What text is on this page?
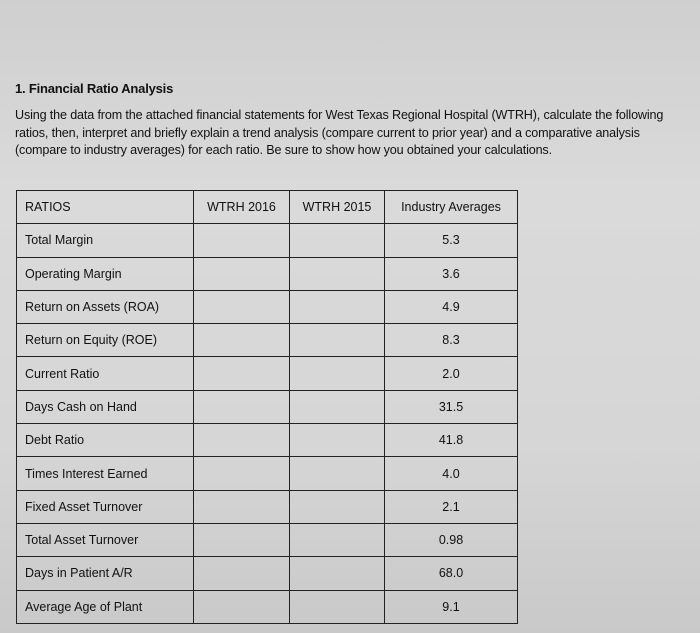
1. Financial Ratio Analysis
Using the data from the attached financial statements for West Texas Regional Hospital (WTRH), calculate the following ratios, then, interpret and briefly explain a trend analysis (compare current to prior year) and a comparative analysis (compare to industry averages) for each ratio. Be sure to show how you obtained your calculations.
RATIOS	WTRH 2016	WTRH 2015	Industry Averages
Total Margin			5.3
Operating Margin			3.6
Return on Assets (ROA)			4.9
Return on Equity (ROE)			8.3
Current Ratio			2.0
Days Cash on Hand			31.5
Debt Ratio			41.8
Times Interest Earned			4.0
Fixed Asset Turnover			2.1
Total Asset Turnover			0.98
Days in Patient A/R			68.0
Average Age of Plant			9.1
